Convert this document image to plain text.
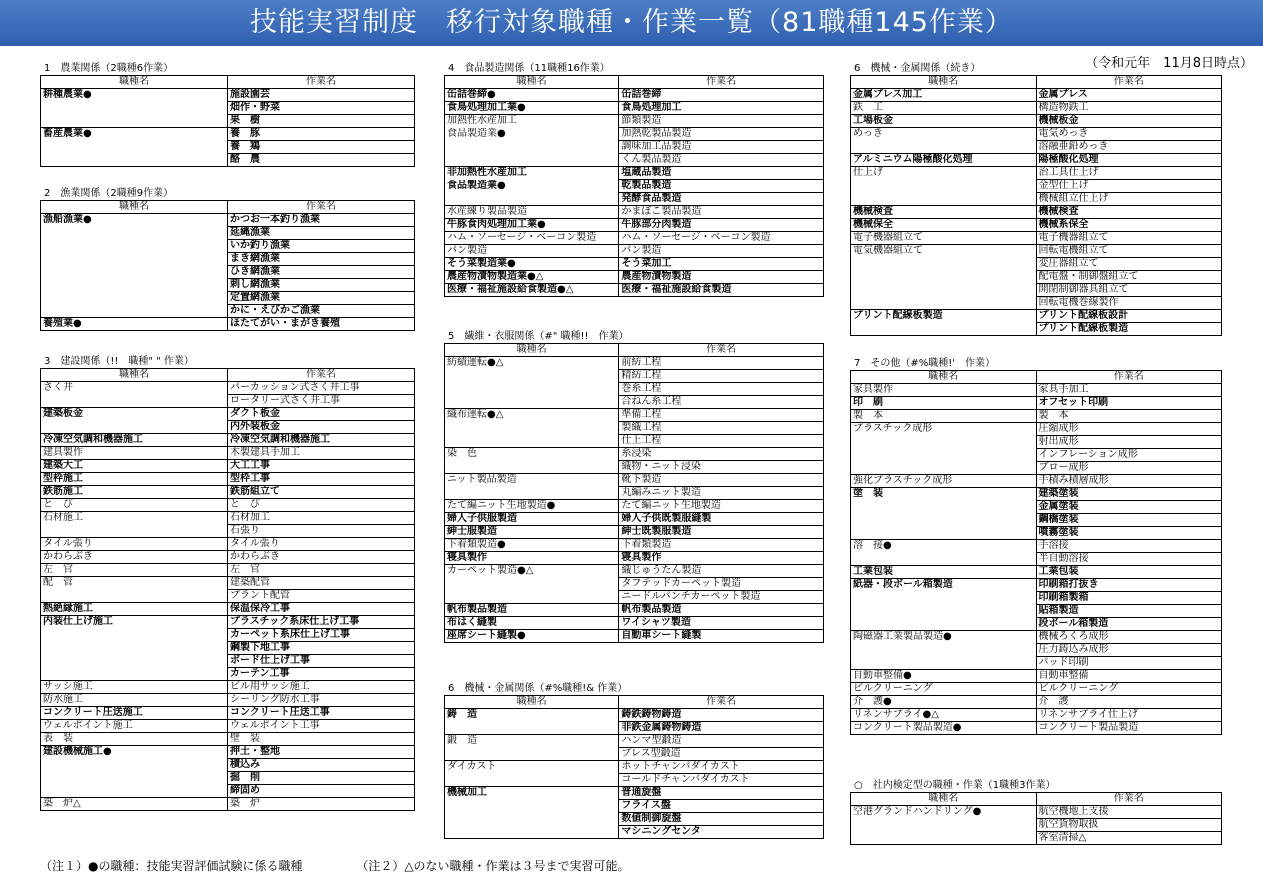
技能実習制度　移行対象職種・作業一覧（81職種145作業）
（令和元年　11月8日時点）
1　農業関係（2職種6作業）
職種名	作業名
耕種農業●	施設園芸
	畑作・野菜
	果　樹
畜産農業●	養　豚
	養　鶏
	酪　農
2　漁業関係（2職種9作業）
職種名	作業名
漁船漁業●	かつお一本釣り漁業
	延縄漁業
	いか釣り漁業
	まき網漁業
	ひき網漁業
	刺し網漁業
	定置網漁業
	かに・えびかご漁業
養殖業●	ほたてがい・まがき養殖
3　建設関係（!!　職種" " 作業）
職種名	作業名
さく井	パーカッション式さく井工事
	ロータリー式さく井工事
建築板金	ダクト板金
	内外装板金
冷凍空気調和機器施工	冷凍空気調和機器施工
建具製作	木製建具手加工
建築大工	大工工事
型枠施工	型枠工事
鉄筋施工	鉄筋組立て
と　び	と　び
石材施工	石材加工
	石張り
タイル張り	タイル張り
かわらぶき	かわらぶき
左　官	左　官
配　管	建築配管
	プラント配管
熱絶縁施工	保温保冷工事
内装仕上げ施工	プラスチック系床仕上げ工事
	カーペット系床仕上げ工事
	鋼製下地工事
	ボード仕上げ工事
	カーテン工事
サッシ施工	ビル用サッシ施工
防水施工	シーリング防水工事
コンクリート圧送施工	コンクリート圧送工事
ウェルポイント施工	ウェルポイント工事
表　装	壁　装
建設機械施工●	押土・整地
	積込み
	掘　削
	締固め
築　炉△	築　炉
4　食品製造関係（11職種16作業）
職種名	作業名
缶詰巻締●	缶詰巻締
食鳥処理加工業●	食鳥処理加工
加熱性水産加工	節類製造
食品製造業●	加熱乾製品製造
	調味加工品製造
	くん製品製造
非加熱性水産加工	塩蔵品製造
食品製造業●	乾製品製造
	発酵食品製造
水産練り製品製造	かまぼこ製品製造
牛豚食肉処理加工業●	牛豚部分肉製造
ハム・ソーセージ・ベーコン製造	ハム・ソーセージ・ベーコン製造
パン製造	パン製造
そう菜製造業●	そう菜加工
農産物漬物製造業●△	農産物漬物製造
医療・福祉施設給食製造●△	医療・福祉施設給食製造
5　繊維・衣服関係（#" 職種!!　作業）
職種名	作業名
紡績運転●△	前紡工程
	精紡工程
	巻糸工程
	合ねん糸工程
織布運転●△	準備工程
	製織工程
	仕上工程
染　色	糸浸染
	織物・ニット浸染
ニット製品製造	靴下製造
	丸編みニット製造
たて編ニット生地製造●	たて編ニット生地製造
婦人子供服製造	婦人子供既製服縫製
紳士服製造	紳士既製服製造
下着類製造●	下着類製造
寝具製作	寝具製作
カーペット製造●△	織じゅうたん製造
	タフテッドカーペット製造
	ニードルパンチカーペット製造
帆布製品製造	帆布製品製造
布はく縫製	ワイシャツ製造
座席シート縫製●	自動車シート縫製
6　機械・金属関係（#%職種!& 作業）
職種名	作業名
鋳　造	鋳鉄鋳物鋳造
	非鉄金属鋳物鋳造
鍛　造	ハンマ型鍛造
	プレス型鍛造
ダイカスト	ホットチャンバダイカスト
	コールドチャンバダイカスト
機械加工	普通旋盤
	フライス盤
	数値制御旋盤
	マシニングセンタ
6　機械・金属関係（続き）
職種名	作業名
金属プレス加工	金属プレス
鉄　工	構造物鉄工
工場板金	機械板金
めっき	電気めっき
	溶融亜鉛めっき
アルミニウム陽極酸化処理	陽極酸化処理
仕上げ	治工具仕上げ
	金型仕上げ
	機械組立仕上げ
機械検査	機械検査
機械保全	機械系保全
電子機器組立て	電子機器組立て
電気機器組立て	回転電機組立て
	変圧器組立て
	配電盤・制御盤組立て
	開閉制御器具組立て
	回転電機巻線製作
プリント配線板製造	プリント配線板設計
	プリント配線板製造
7　その他（#%職種!'　作業）
職種名	作業名
家具製作	家具手加工
印　刷	オフセット印刷
製　本	製　本
プラスチック成形	圧縮成形
	射出成形
	インフレーション成形
	ブロー成形
強化プラスチック成形	手積み積層成形
塗　装	建築塗装
	金属塗装
	鋼橋塗装
	噴霧塗装
溶　接●	手溶接
	半自動溶接
工業包装	工業包装
紙器・段ボール箱製造	印刷箱打抜き
	印刷箱製箱
	貼箱製造
	段ボール箱製造
陶磁器工業製品製造●	機械ろくろ成形
	圧力鋳込み成形
	パッド印刷
自動車整備●	自動車整備
ビルクリーニング	ビルクリーニング
介　護●	介　護
リネンサプライ●△	リネンサプライ仕上げ
コンクリート製品製造●	コンクリート製品製造
○　社内検定型の職種・作業（1職種3作業）
職種名	作業名
空港グランドハンドリング●	航空機地上支援
	航空貨物取扱
	客室清掃△
（注１）●の職種：技能実習評価試験に係る職種	（注２）△のない職種・作業は３号まで実習可能。
